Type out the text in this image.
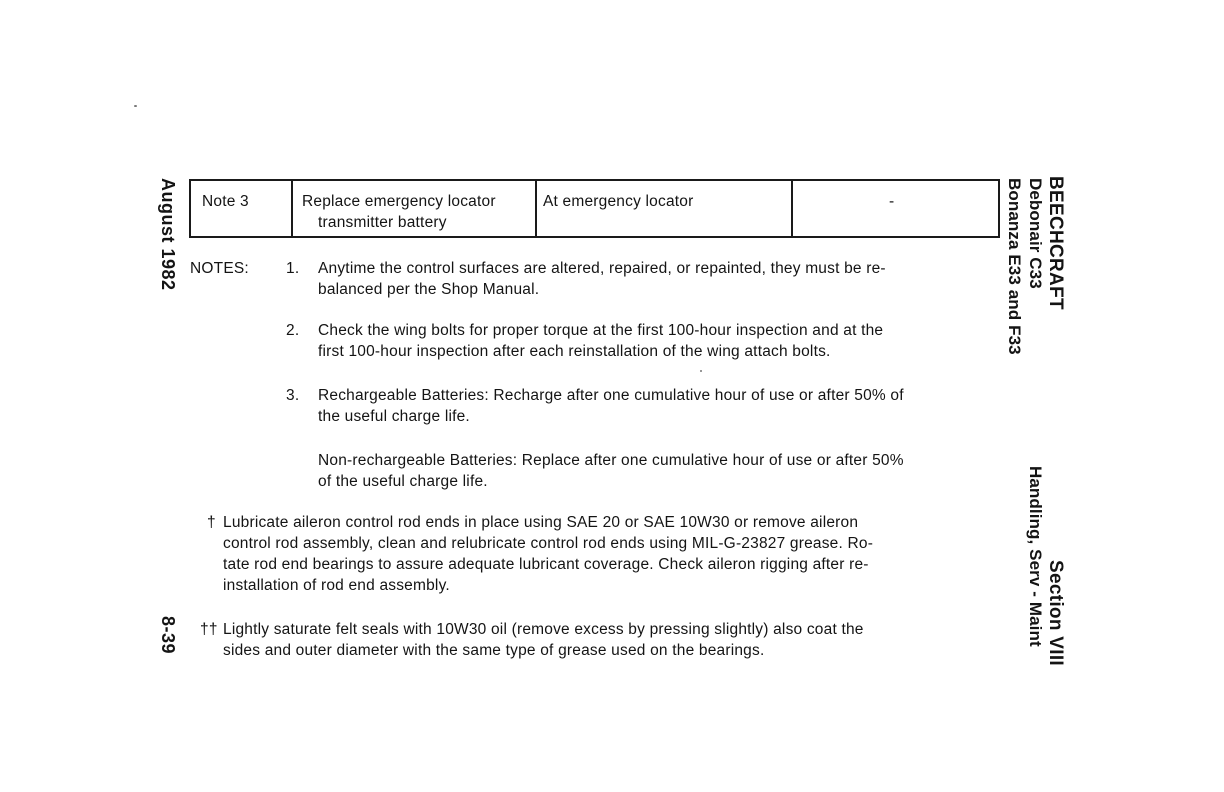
Note 3	Replace emergency locator
transmitter battery
At emergency locator	-
NOTES: 1. Anytime the control surfaces are altered, repaired, or repainted, they must be re-
balanced per the Shop Manual.
2. Check the wing bolts for proper torque at the first 100-hour inspection and at the
first 100-hour inspection after each reinstallation of the wing attach bolts.
3. Rechargeable Batteries: Recharge after one cumulative hour of use or after 50% of
the useful charge life.
Non-rechargeable Batteries: Replace after one cumulative hour of use or after 50%
of the useful charge life.
† Lubricate aileron control rod ends in place using SAE 20 or SAE 10W30 or remove aileron
control rod assembly, clean and relubricate control rod ends using MIL-G-23827 grease. Ro-
tate rod end bearings to assure adequate lubricant coverage. Check aileron rigging after re-
installation of rod end assembly.
†† Lightly saturate felt seals with 10W30 oil (remove excess by pressing slightly) also coat the
sides and outer diameter with the same type of grease used on the bearings.
August 1982
8-39
BEECHCRAFT
Debonair C33
Bonanza E33 and F33
Section VIII
Handling, Serv - Maint
